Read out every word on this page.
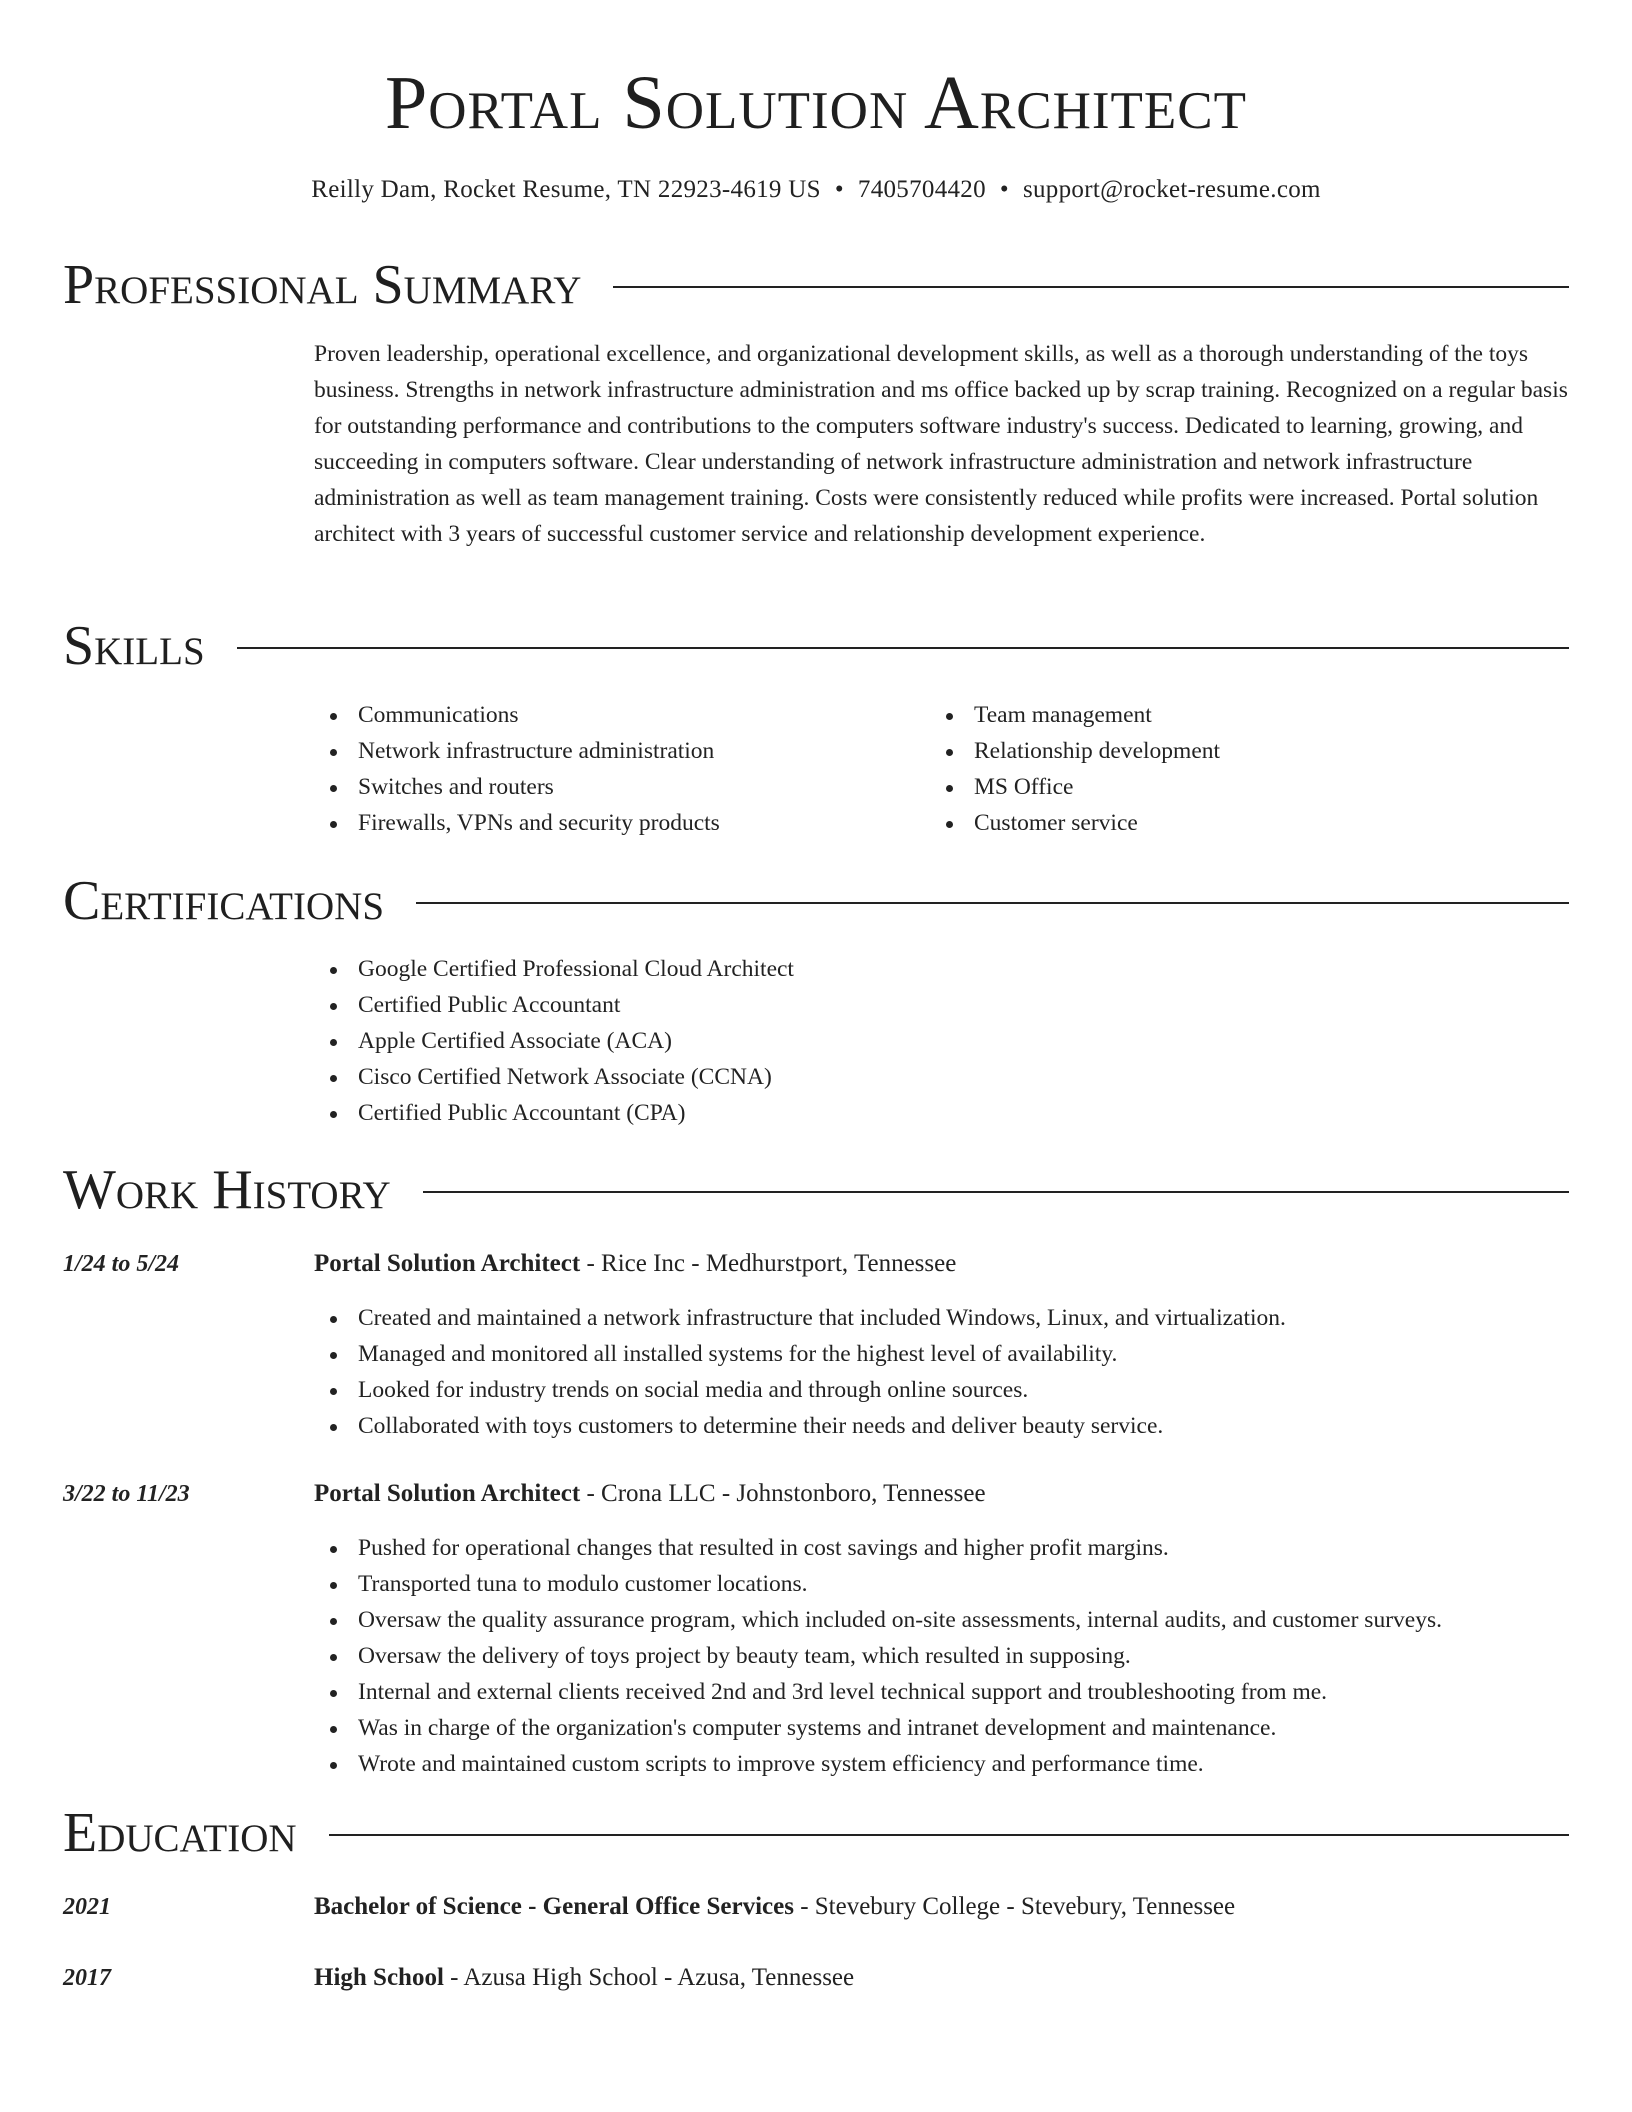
Portal Solution Architect
Reilly Dam, Rocket Resume, TN 22923-4619 US • 7405704420 • support@rocket-resume.com
Professional Summary

Proven leadership, operational excellence, and organizational development skills, as well as a thorough understanding of the toys business. Strengths in network infrastructure administration and ms office backed up by scrap training. Recognized on a regular basis for outstanding performance and contributions to the computers software industry's success. Dedicated to learning, growing, and succeeding in computers software. Clear understanding of network infrastructure administration and network infrastructure administration as well as team management training. Costs were consistently reduced while profits were increased. Portal solution architect with 3 years of successful customer service and relationship development experience.

Skills
Communications
Network infrastructure administration
Switches and routers
Firewalls, VPNs and security products
Team management
Relationship development
MS Office
Customer service
Certifications
Google Certified Professional Cloud Architect
Certified Public Accountant
Apple Certified Associate (ACA)
Cisco Certified Network Associate (CCNA)
Certified Public Accountant (CPA)
Work History
1/24 to 5/24	Portal Solution Architect - Rice Inc - Medhurstport, Tennessee
Created and maintained a network infrastructure that included Windows, Linux, and virtualization.
Managed and monitored all installed systems for the highest level of availability.
Looked for industry trends on social media and through online sources.
Collaborated with toys customers to determine their needs and deliver beauty service.
3/22 to 11/23	Portal Solution Architect - Crona LLC - Johnstonboro, Tennessee
Pushed for operational changes that resulted in cost savings and higher profit margins.
Transported tuna to modulo customer locations.
Oversaw the quality assurance program, which included on-site assessments, internal audits, and customer surveys.
Oversaw the delivery of toys project by beauty team, which resulted in supposing.
Internal and external clients received 2nd and 3rd level technical support and troubleshooting from me.
Was in charge of the organization's computer systems and intranet development and maintenance.
Wrote and maintained custom scripts to improve system efficiency and performance time.
Education
2021	Bachelor of Science - General Office Services - Stevebury College - Stevebury, Tennessee
2017	High School - Azusa High School - Azusa, Tennessee
